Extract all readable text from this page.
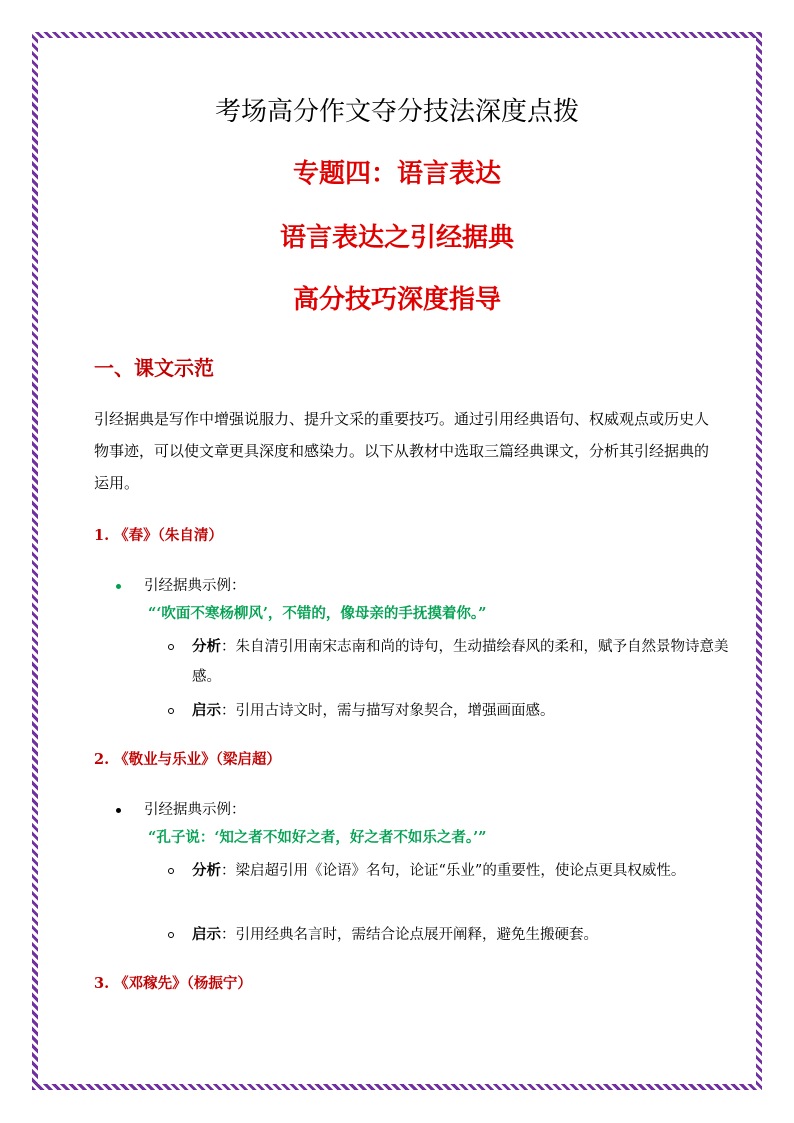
考场高分作文夺分技法深度点拨
专题四：语言表达
语言表达之引经据典
高分技巧深度指导
一、课文示范
引经据典是写作中增强说服力、提升文采的重要技巧。通过引用经典语句、权威观点或历史人物事迹，可以使文章更具深度和感染力。以下从教材中选取三篇经典课文，分析其引经据典的运用。
1. 《春》（朱自清）
引经据典示例：
“‘吹面不寒杨柳风’，不错的，像母亲的手抚摸着你。”
分析：朱自清引用南宋志南和尚的诗句，生动描绘春风的柔和，赋予自然景物诗意美感。
启示：引用古诗文时，需与描写对象契合，增强画面感。
2. 《敬业与乐业》（梁启超）
引经据典示例：
“孔子说：‘知之者不如好之者，好之者不如乐之者。’”
分析：梁启超引用《论语》名句，论证“乐业”的重要性，使论点更具权威性。
启示：引用经典名言时，需结合论点展开阐释，避免生搬硬套。
3. 《邓稼先》（杨振宁）
